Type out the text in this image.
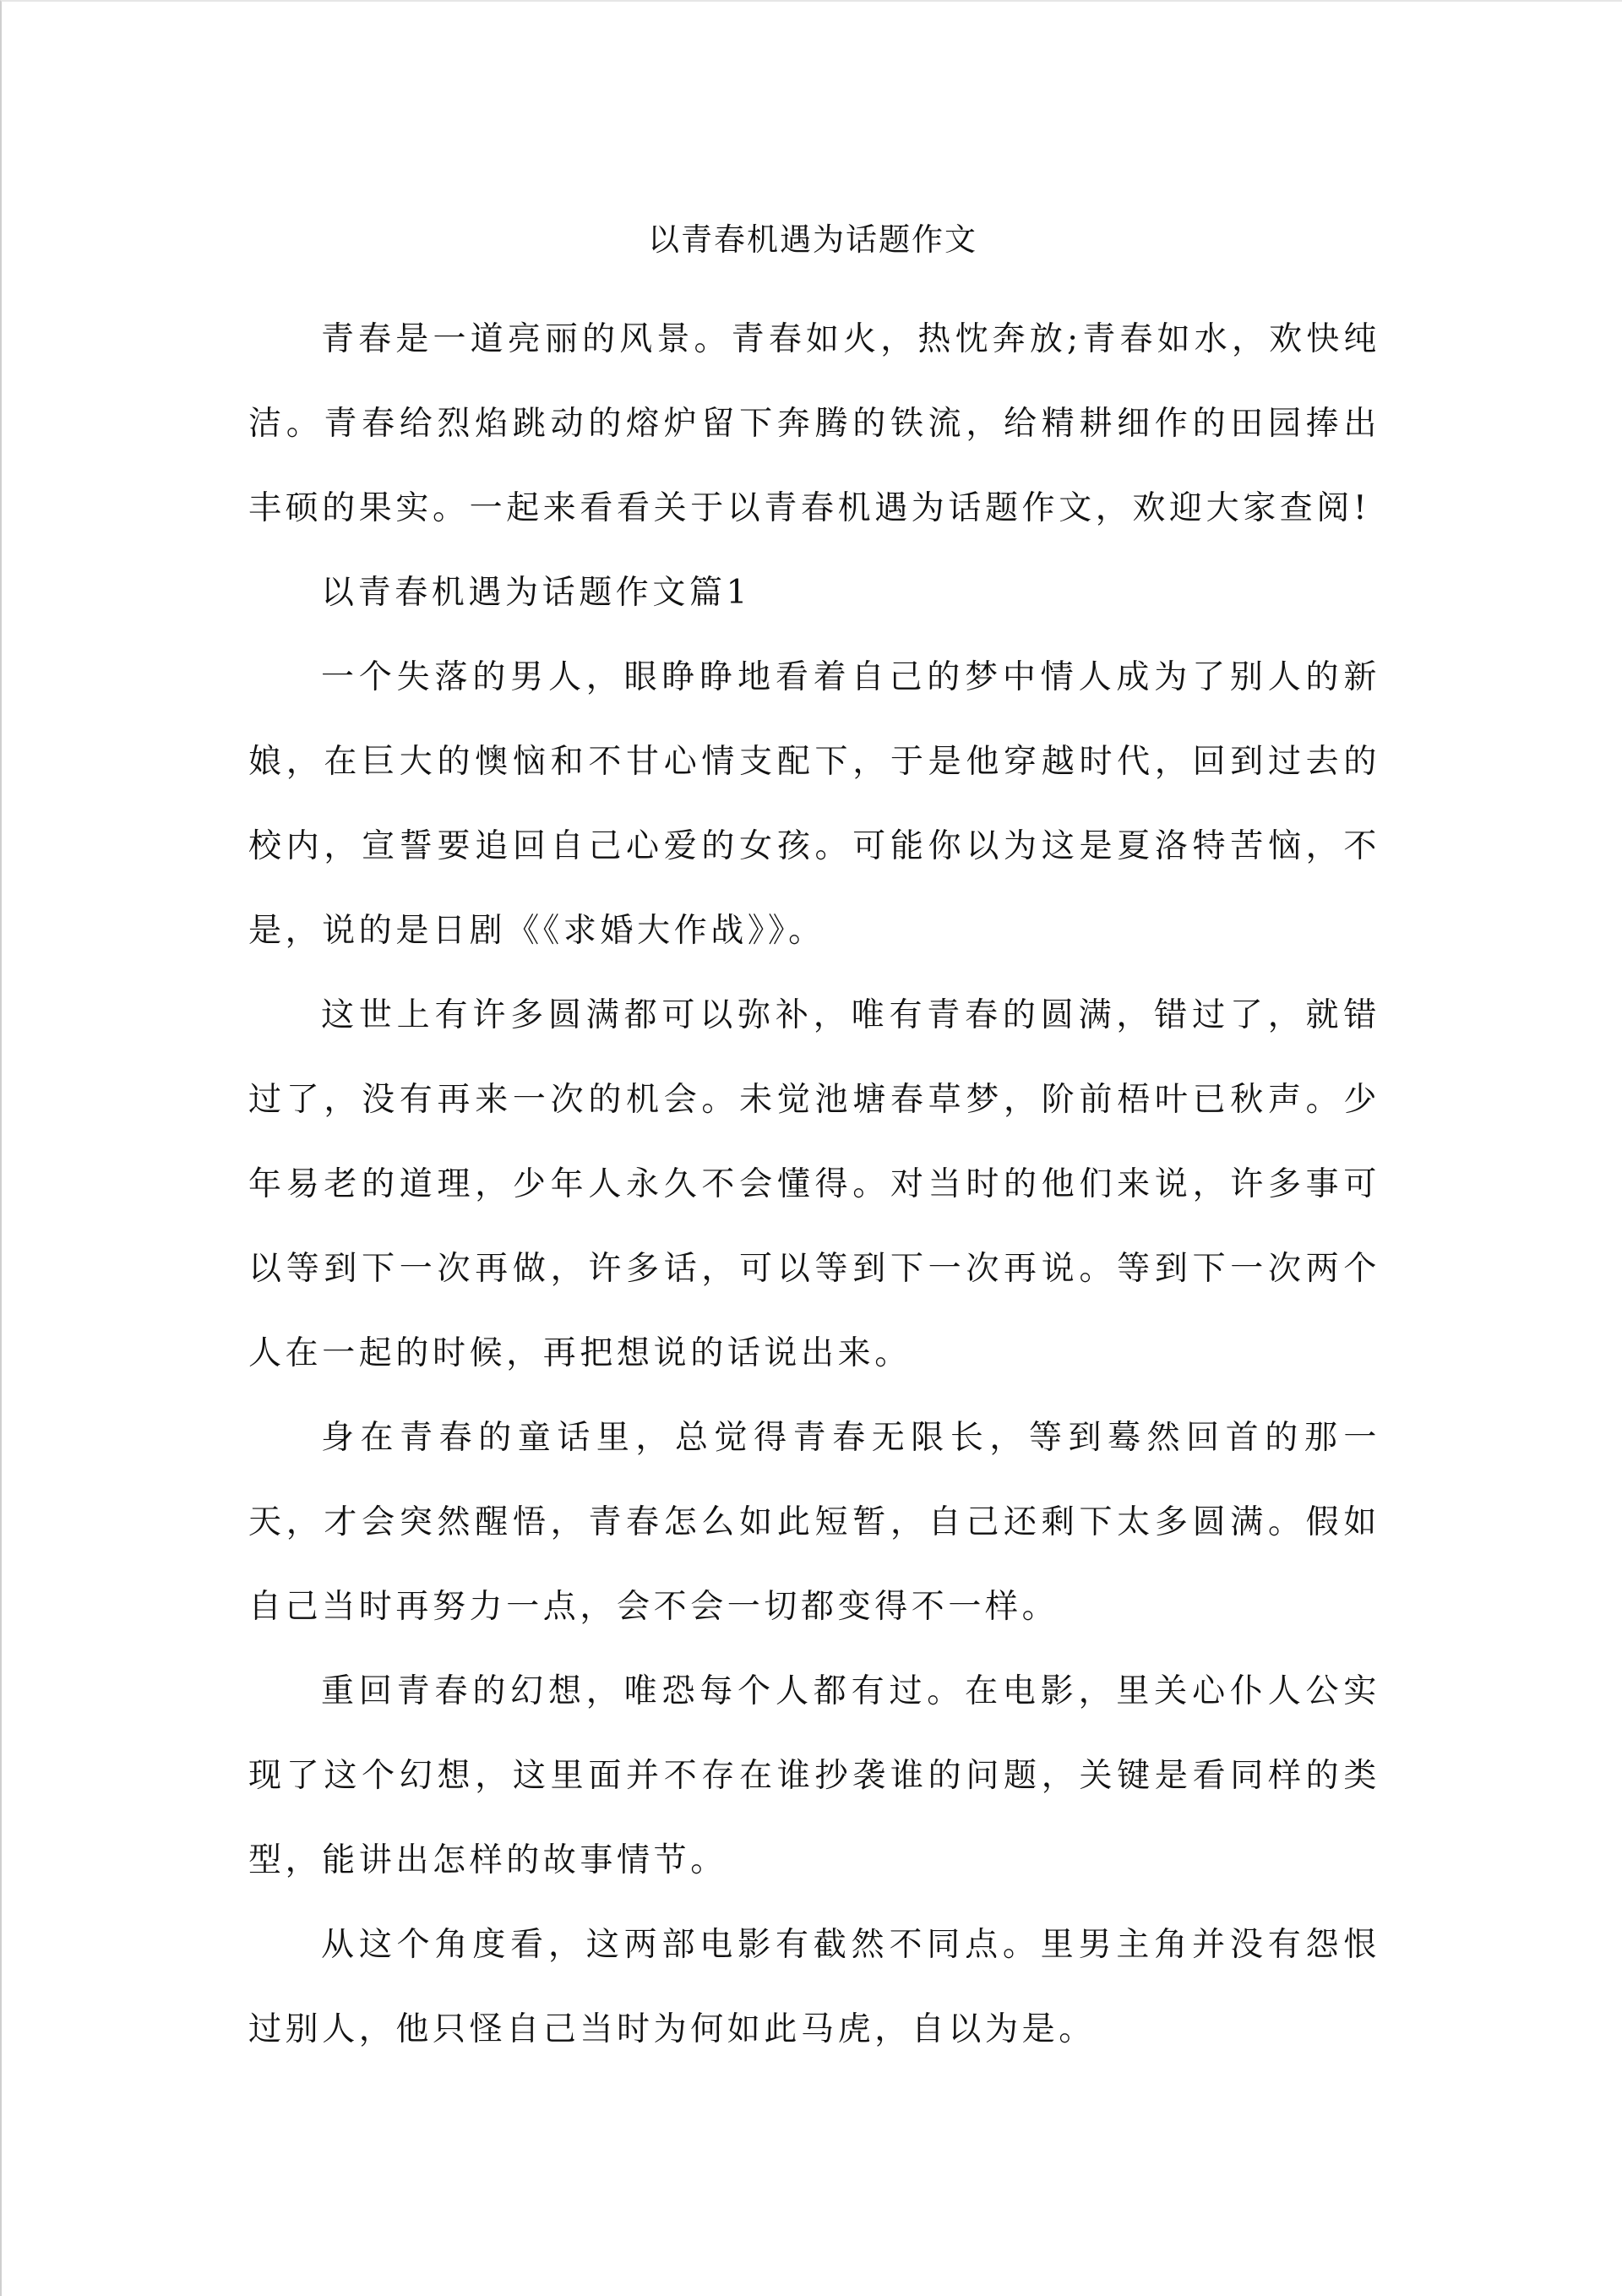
以青春机遇为话题作文

青春是一道亮丽的风景。青春如火，热忱奔放;青春如水，欢快纯洁。青春给烈焰跳动的熔炉留下奔腾的铁流，给精耕细作的田园捧出丰硕的果实。一起来看看关于以青春机遇为话题作文，欢迎大家查阅!

以青春机遇为话题作文篇1

一个失落的男人，眼睁睁地看着自己的梦中情人成为了别人的新娘，在巨大的懊恼和不甘心情支配下，于是他穿越时代，回到过去的校内，宣誓要追回自己心爱的女孩。可能你以为这是夏洛特苦恼，不是，说的是日剧《《求婚大作战》》。

这世上有许多圆满都可以弥补，唯有青春的圆满，错过了，就错过了，没有再来一次的机会。未觉池塘春草梦，阶前梧叶已秋声。少年易老的道理，少年人永久不会懂得。对当时的他们来说，许多事可以等到下一次再做，许多话，可以等到下一次再说。等到下一次两个人在一起的时候，再把想说的话说出来。

身在青春的童话里，总觉得青春无限长，等到蓦然回首的那一天，才会突然醒悟，青春怎么如此短暂，自己还剩下太多圆满。假如自己当时再努力一点，会不会一切都变得不一样。

重回青春的幻想，唯恐每个人都有过。在电影，里关心仆人公实现了这个幻想，这里面并不存在谁抄袭谁的问题，关键是看同样的类型，能讲出怎样的故事情节。

从这个角度看，这两部电影有截然不同点。里男主角并没有怨恨过别人，他只怪自己当时为何如此马虎，自以为是。
